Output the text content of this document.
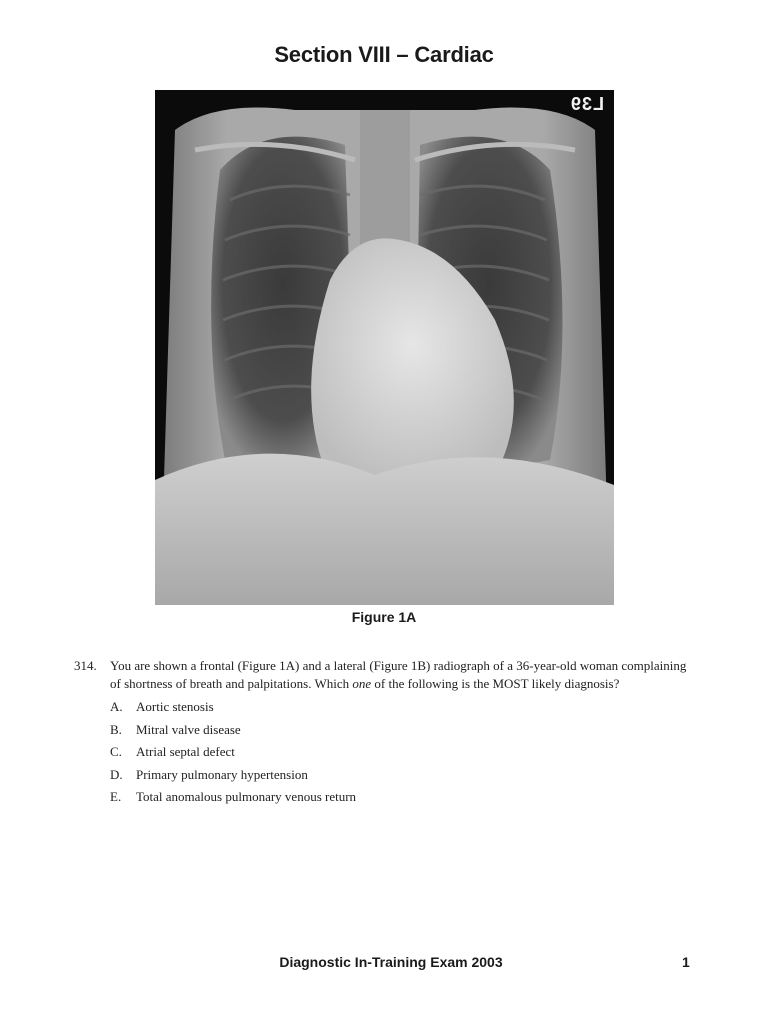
Section VIII – Cardiac
L39
Figure 1A
314.	You are shown a frontal (Figure 1A) and a lateral (Figure 1B) radiograph of a 36-year-old woman complaining of shortness of breath and palpitations. Which one of the following is the MOST likely diagnosis?
A.	Aortic stenosis
B.	Mitral valve disease
C.	Atrial septal defect
D.	Primary pulmonary hypertension
E.	Total anomalous pulmonary venous return
Diagnostic In-Training Exam 2003	1
